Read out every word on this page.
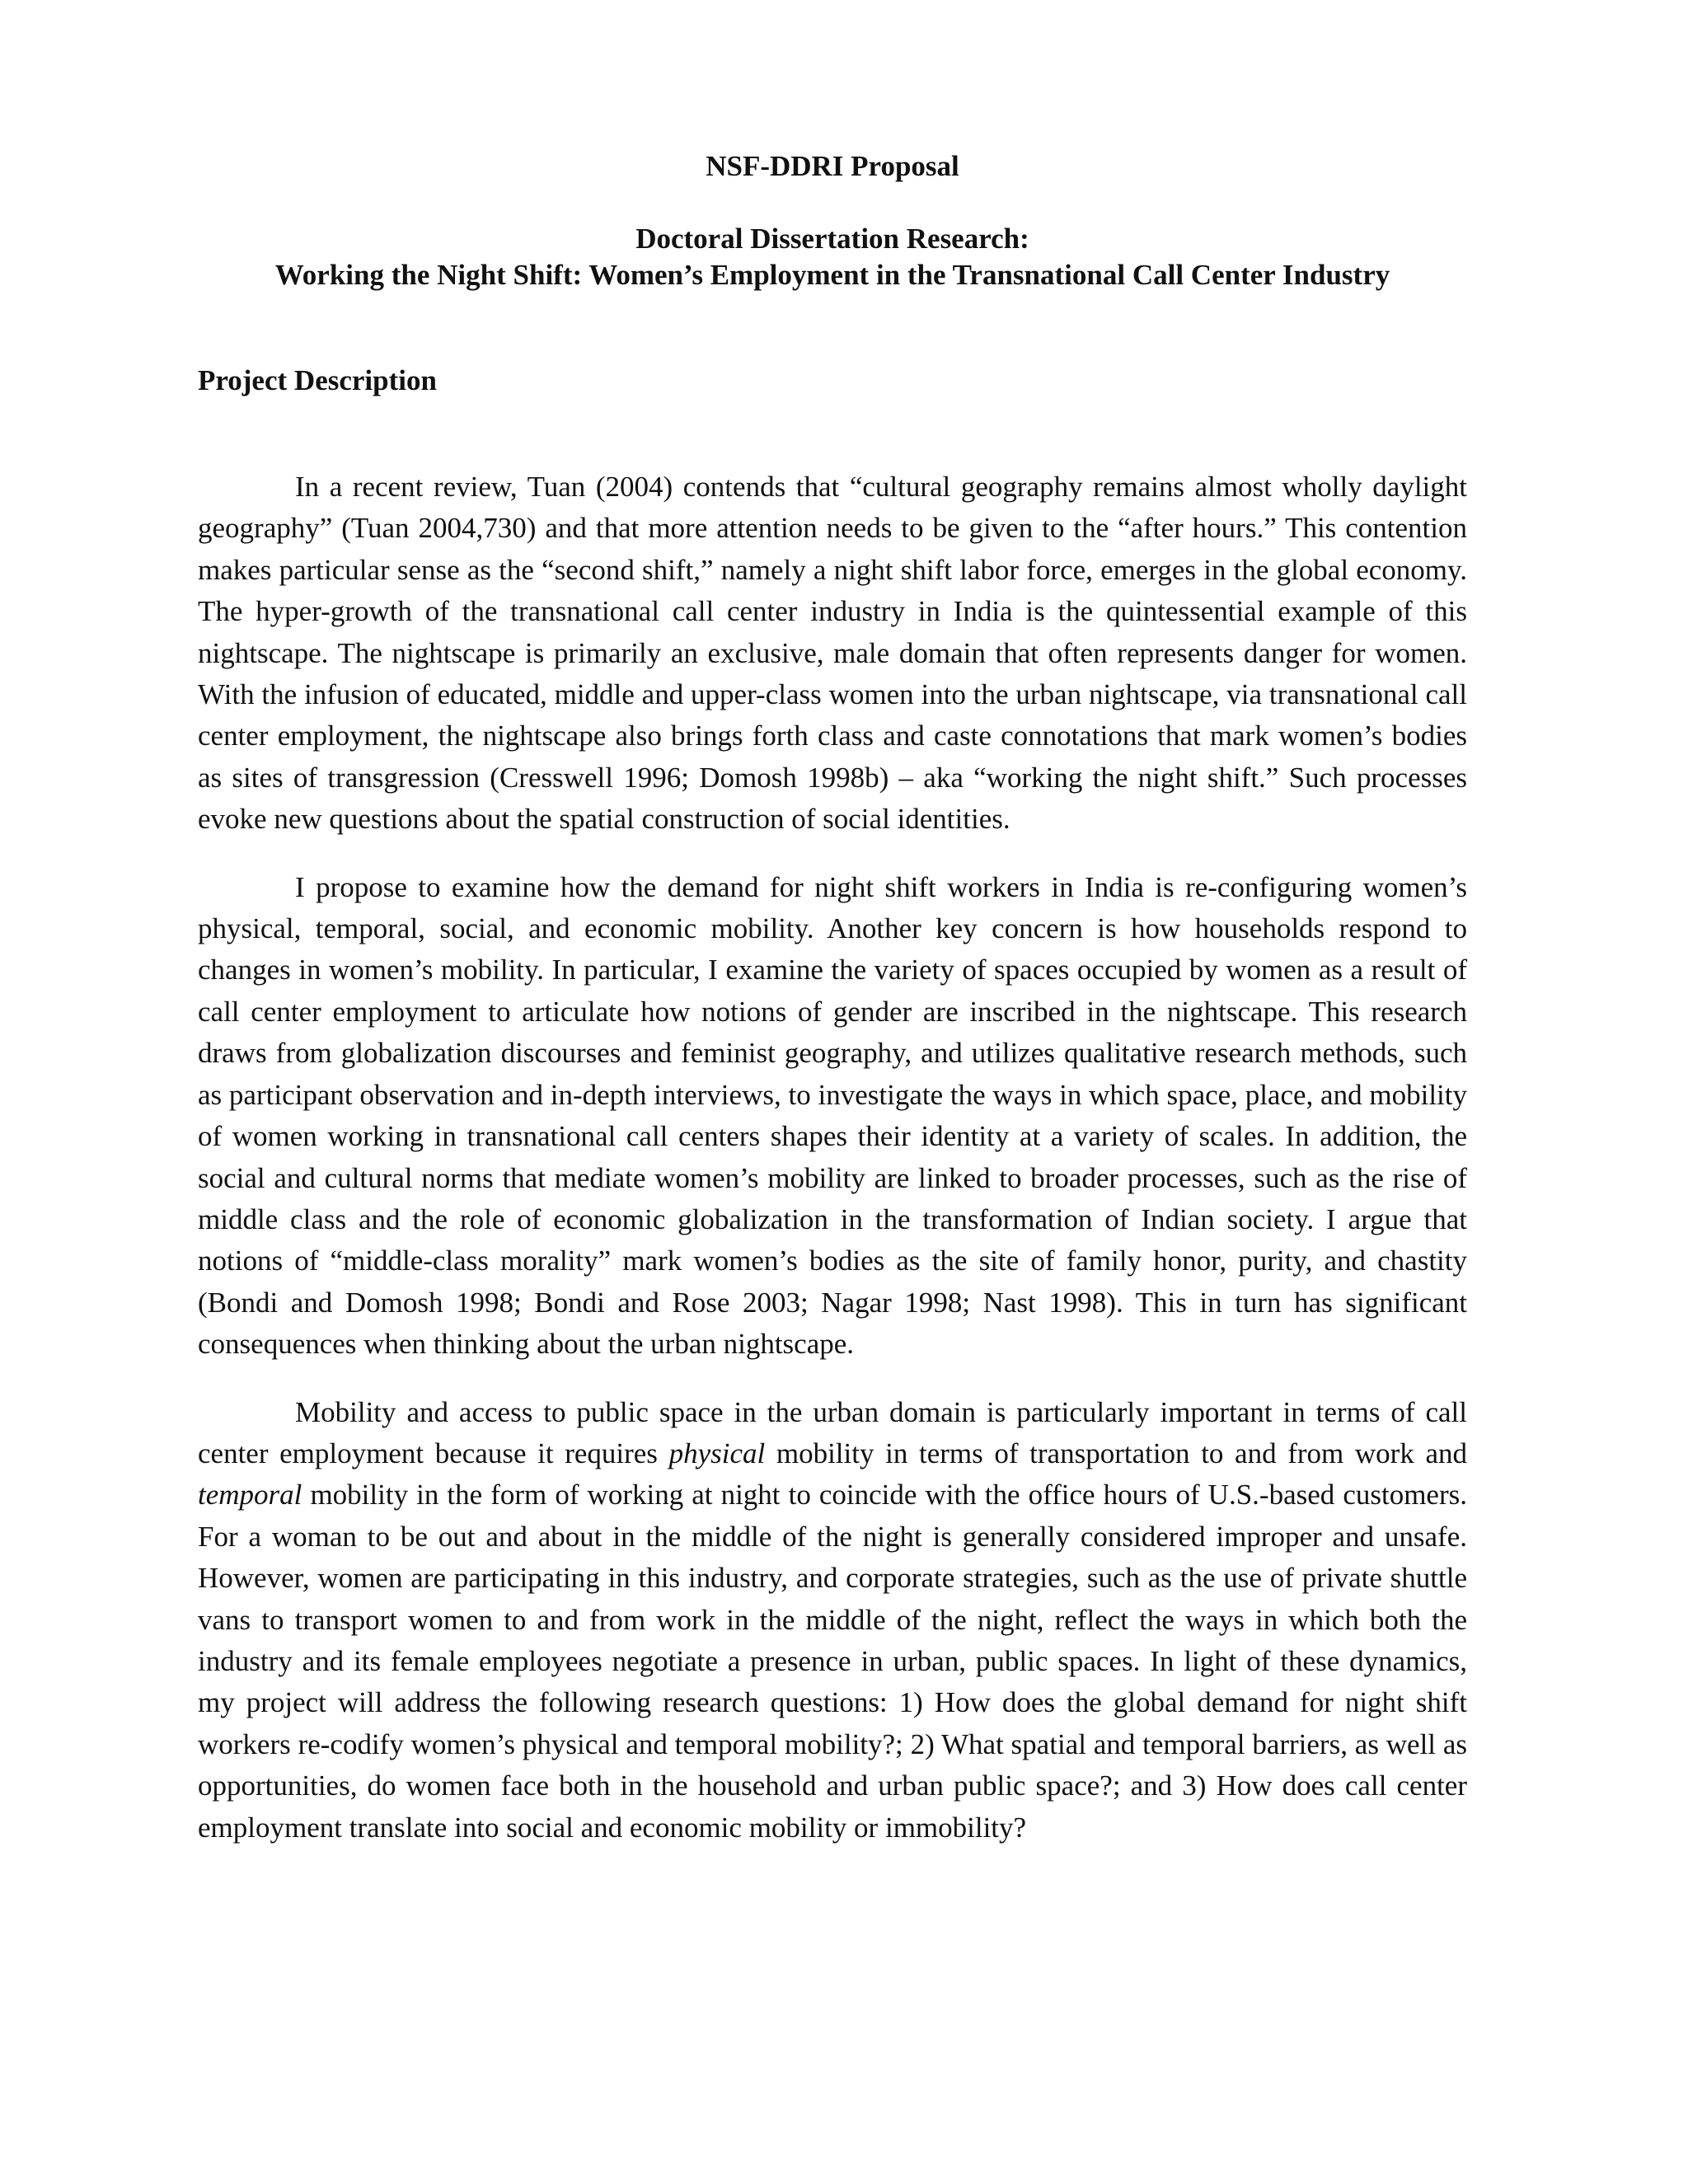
NSF-DDRI Proposal
Doctoral Dissertation Research:
Working the Night Shift: Women’s Employment in the Transnational Call Center Industry
Project Description

In a recent review, Tuan (2004) contends that “cultural geography remains almost wholly daylight geography” (Tuan 2004,730) and that more attention needs to be given to the “after hours.” This contention makes particular sense as the “second shift,” namely a night shift labor force, emerges in the global economy. The hyper-growth of the transnational call center industry in India is the quintessential example of this nightscape. The nightscape is primarily an exclusive, male domain that often represents danger for women. With the infusion of educated, middle and upper-class women into the urban nightscape, via transnational call center employment, the nightscape also brings forth class and caste connotations that mark women’s bodies as sites of transgression (Cresswell 1996; Domosh 1998b) – aka “working the night shift.” Such processes evoke new questions about the spatial construction of social identities.

I propose to examine how the demand for night shift workers in India is re-configuring women’s physical, temporal, social, and economic mobility. Another key concern is how households respond to changes in women’s mobility. In particular, I examine the variety of spaces occupied by women as a result of call center employment to articulate how notions of gender are inscribed in the nightscape. This research draws from globalization discourses and feminist geography, and utilizes qualitative research methods, such as participant observation and in-depth interviews, to investigate the ways in which space, place, and mobility of women working in transnational call centers shapes their identity at a variety of scales. In addition, the social and cultural norms that mediate women’s mobility are linked to broader processes, such as the rise of middle class and the role of economic globalization in the transformation of Indian society. I argue that notions of “middle-class morality” mark women’s bodies as the site of family honor, purity, and chastity (Bondi and Domosh 1998; Bondi and Rose 2003; Nagar 1998; Nast 1998). This in turn has significant consequences when thinking about the urban nightscape.

Mobility and access to public space in the urban domain is particularly important in terms of call center employment because it requires physical mobility in terms of transportation to and from work and temporal mobility in the form of working at night to coincide with the office hours of U.S.-based customers. For a woman to be out and about in the middle of the night is generally considered improper and unsafe. However, women are participating in this industry, and corporate strategies, such as the use of private shuttle vans to transport women to and from work in the middle of the night, reflect the ways in which both the industry and its female employees negotiate a presence in urban, public spaces. In light of these dynamics, my project will address the following research questions: 1) How does the global demand for night shift workers re-codify women’s physical and temporal mobility?; 2) What spatial and temporal barriers, as well as opportunities, do women face both in the household and urban public space?; and 3) How does call center employment translate into social and economic mobility or immobility?
